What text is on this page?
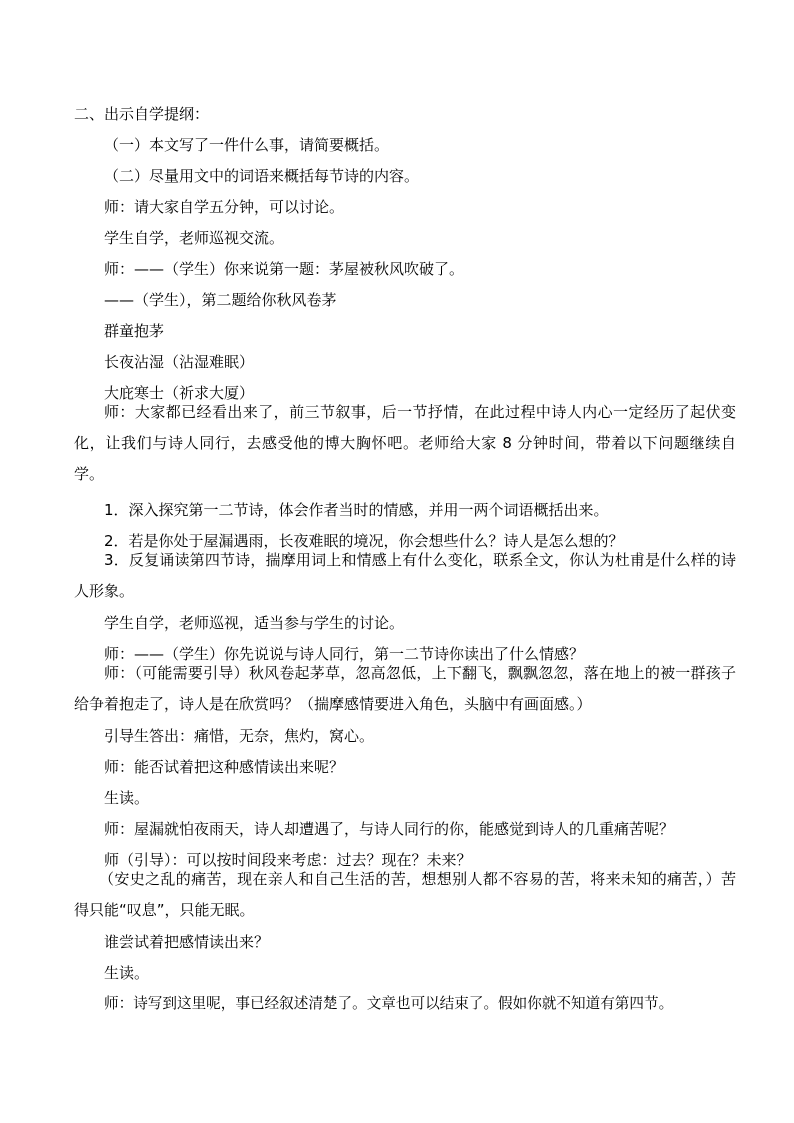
二、出示自学提纲：
（一）本文写了一件什么事，请简要概括。
（二）尽量用文中的词语来概括每节诗的内容。
师：请大家自学五分钟，可以讨论。
学生自学，老师巡视交流。
师：——（学生）你来说第一题：茅屋被秋风吹破了。
——（学生），第二题给你秋风卷茅
群童抱茅
长夜沾湿（沾湿难眠）
大庇寒士（祈求大厦）
师：大家都已经看出来了，前三节叙事，后一节抒情，在此过程中诗人内心一定经历了起伏变化，让我们与诗人同行，去感受他的博大胸怀吧。老师给大家 8 分钟时间，带着以下问题继续自学。
1．深入探究第一二节诗，体会作者当时的情感，并用一两个词语概括出来。
2．若是你处于屋漏遇雨，长夜难眠的境况，你会想些什么？诗人是怎么想的？
3．反复诵读第四节诗，揣摩用词上和情感上有什么变化，联系全文，你认为杜甫是什么样的诗人形象。
学生自学，老师巡视，适当参与学生的讨论。
师：——（学生）你先说说与诗人同行，第一二节诗你读出了什么情感？
师：（可能需要引导）秋风卷起茅草，忽高忽低，上下翻飞，飘飘忽忽，落在地上的被一群孩子给争着抱走了，诗人是在欣赏吗？（揣摩感情要进入角色，头脑中有画面感。）
引导生答出：痛惜，无奈，焦灼，窝心。
师：能否试着把这种感情读出来呢？
生读。
师：屋漏就怕夜雨天，诗人却遭遇了，与诗人同行的你，能感觉到诗人的几重痛苦呢？
师（引导）：可以按时间段来考虑：过去？现在？未来？
（安史之乱的痛苦，现在亲人和自己生活的苦，想想别人都不容易的苦，将来未知的痛苦，）苦得只能“叹息”，只能无眠。
谁尝试着把感情读出来？
生读。
师：诗写到这里呢，事已经叙述清楚了。文章也可以结束了。假如你就不知道有第四节。
